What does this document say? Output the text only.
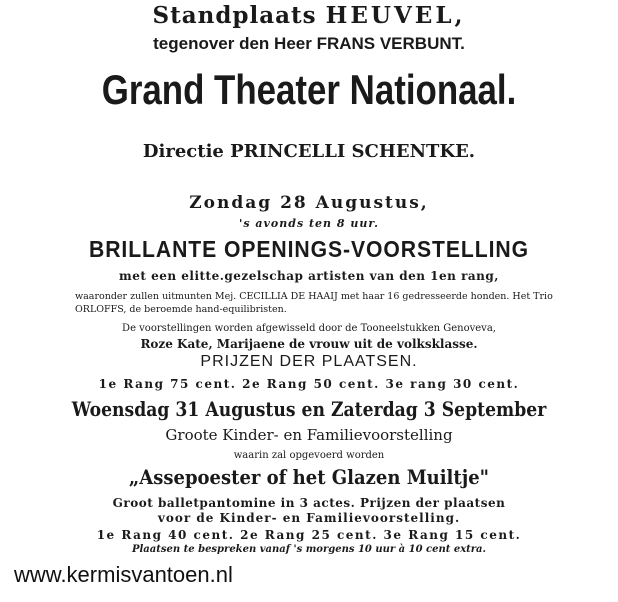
Standplaats HEUVEL,
tegenover den Heer FRANS VERBUNT.
Grand Theater Nationaal.
Directie PRINCELLI SCHENTKE.
Zondag 28 Augustus,
's avonds ten 8 uur.
BRILLANTE OPENINGS-VOORSTELLING
met een elitte.gezelschap artisten van den 1en rang,
waaronder zullen uitmunten Mej. CECILLIA DE HAAIJ met haar 16 gedresseerde honden. Het Trio ORLOFFS, de beroemde hand-equilibristen.
De voorstellingen worden afgewisseld door de Tooneelstukken Genoveva,
Roze Kate, Marijaene de vrouw uit de volksklasse.
PRIJZEN DER PLAATSEN.
1e Rang 75 cent. 2e Rang 50 cent. 3e rang 30 cent.
Woensdag 31 Augustus en Zaterdag 3 September
Groote Kinder- en Familievoorstelling
waarin zal opgevoerd worden
„Assepoester of het Glazen Muiltje"
Groot balletpantomine in 3 actes. Prijzen der plaatsen
voor de Kinder- en Familievoorstelling.
1e Rang 40 cent. 2e Rang 25 cent. 3e Rang 15 cent.
Plaatsen te bespreken vanaf 's morgens 10 uur à 10 cent extra.
www.kermisvantoen.nl
